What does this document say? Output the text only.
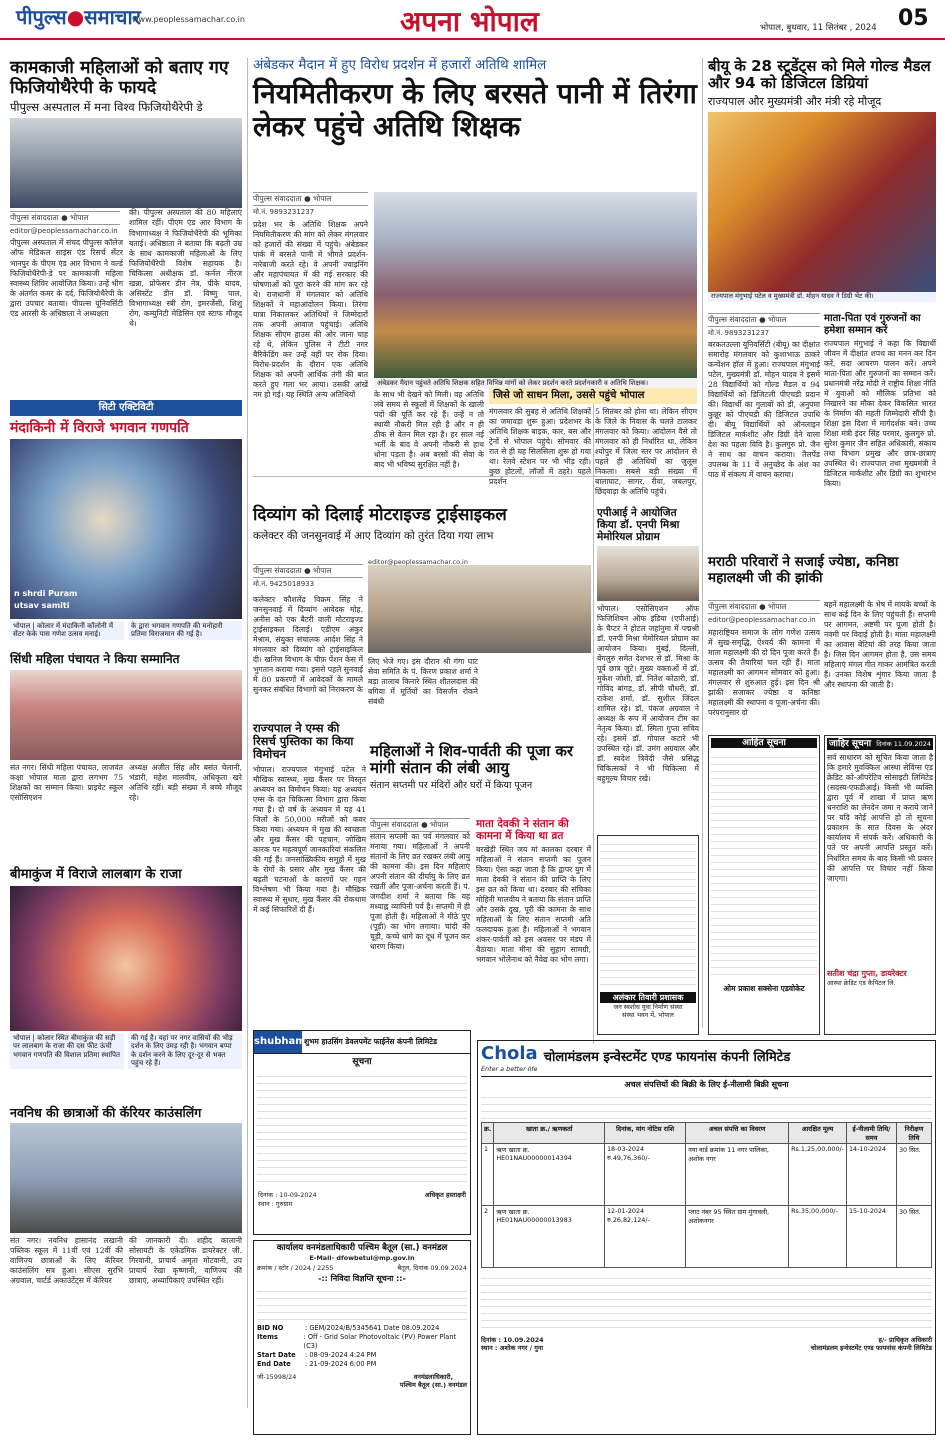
पीपुल्स●समाचार
www.peoplessamachar.co.in	अपना भोपाल	भोपाल, बुधवार, 11 सितंबर , 2024 05
कामकाजी महिलाओं को बताए गए फिजियोथैरेपी के फायदे
पीपुल्स अस्पताल में मना विश्व फिजियोथैरेपी डे
पीपुल्स संवाददाता ● भोपाल
editor@peoplessamachar.co.in
पीपुल्स अस्पताल में संचद पीपुल्स कॉलेज ऑफ मेडिकल साइंस एंड रिसर्च सेंटर भानपुर के पीएम एंड आर विभाग ने वर्ल्ड फिजियोथैरेपी-डे पर कामकाजी महिला स्वास्थ्य शिविर आयोजित किया। उन्हें भीग के अंतर्गत कमर के दर्द, फिजियोथैरेपी के द्वारा उपचार बताया। पीपल्स यूनिवर्सिटी एंड आरसी के अधिष्ठाता ने अध्यक्षता
की। पीपुल्स अस्पताल की 80 महिलाएं शामिल रहीं। पीएम एंड आर विभाग के विभागाध्यक्ष ने फिजियोथैरेपी की भूमिका बताई। अधिष्ठाता ने बताया कि बढ़ती उम्र के साथ कामकाजी महिलाओं के लिए फिजियोथैरेपी विशेष सहायक है। चिकित्सा अधीक्षक डॉ. कर्नल नीरज खन्ना, प्रोफेसर डीन नेत्र, पीके यादव, असिस्टेंट डीन डॉ. विष्णु पाल, विभागाध्यक्ष स्त्री रोग, इमरजेंसी, शिशु रोग, कम्युनिटी मेडिसिन एवं स्टाफ मौजूद थे।
सिटी एक्टिविटी
मंदाकिनी में विराजे भगवान गणपति
n shrdi Puram
utsav samiti
भोपाल | कोलार में मंदाकिनी कॉलोनी में सेंटर केके पास गणेश उत्सव मनाई।
के द्वारा भगवान गणपति की मनोहारी प्रतिमा विराजमान की गई है।
सिंधी महिला पंचायत ने किया सम्मानित
संत नगर। सिंधी महिला पंचायत, लाजवंत कक्षा भोपाल माता द्वारा लगभग 75 शिक्षकों का सम्मान किया। प्राइवेट स्कूल एसोसिएशन
अध्यक्ष अजीत सिंह और बसंत चेलानी, भंडारी, महेश मालवीय, अधिकृता खरे अतिथि रहीं। बड़ी संख्या में बच्चे मौजूद रहे।
बीमाकुंज में विराजे लालबाग के राजा
भोपाल | कोलार स्थित बीमाकुंज की सड़ी पर लालबाग के राजा की दस फीट ऊंची भगवान गणपति की विशाल प्रतिमा स्थापित
की गई है। यहां पर नगर वासियों की भीड़ दर्शन के लिए उमड़ रही है। भगवान बप्पा के दर्शन करने के लिए दूर-दूर से भक्त पहुंच रहे हैं।
नवनिध की छात्राओं की कॅरियर काउंसलिंग
संत नगर। नवनिध हासानंद लखानी पब्लिक स्कूल में 11वीं एवं 12वीं की वाणिज्य छात्राओं के लिए कॅरियर काउंसलिंग सत्र हुआ। सीएस सुरभि अग्रवाल, चार्टर्ड अकाउंटेंट्स में कॅरियर
की जानकारी दी। शहीद कालानी सोसायटी के एकेडमिक डायरेक्टर जी. गिरवानी, प्राचार्य अमृता मोटवानी, उप प्राचार्य रेखा कृष्णानी, वाणिज्य की छात्राएं, अध्यापिकाएं उपस्थित रहीं।
अंबेडकर मैदान में हुए विरोध प्रदर्शन में हजारों अतिथि शामिल
नियमितीकरण के लिए बरसते पानी में तिरंगा लेकर पहुंचे अतिथि शिक्षक
पीपुल्स संवाददाता ● भोपाल
मो.नं. 9893231237
प्रदेश भर के अतिथि शिक्षक अपने नियमितीकरण की मांग को लेकर मंगलवार को हजारों की संख्या में पहुंचे। अंबेडकर पार्क में बरसते पानी में भीगते प्रदर्शन-नारेबाजी करते रहे। वे अपनी ज्वाइनिंग और महापंचायत में की गई सरकार की घोषणाओं को पूरा करने की मांग कर रहे थे। राजधानी में मंगलवार को अतिथि शिक्षकों ने महाआंदोलन किया। तिरंगा यात्रा निकालकर अतिथियों ने जिम्मेदारों तक अपनी आवाज पहुंचाई। अतिथि शिक्षक सीएम हाउस की ओर जाना चाह रहे थे, लेकिन पुलिस ने टीटी नगर बैरिकेडिंग कर उन्हें वहीं पर रोक दिया। विरोध-प्रदर्शन के दौरान एक अतिथि शिक्षक को अपनी आर्थिक तंगी की बात करते हुए गला भर आया। उसकी आंखें नम हो गई। यह स्थिति अन्य अतिथियों
अंबेडकर मैदान पहुंचते अतिथि शिक्षक सहित विभिन्न मांगों को लेकर प्रदर्शन करते प्रदर्शनकारी व अतिथि शिक्षक।
के साथ भी देखने को मिली। वह अतिथि लंबे समय से स्कूलों में शिक्षकों के खाली पदों की पूर्ति कर रहे हैं। उन्हें न तो स्थायी नौकरी मिल रही है और न ही ठीक से वेतन मिल रहा है। हर साल नई भर्ती के बाद वे अपनी नौकरी से हाथ धोना पड़ता है। अब बरसों की सेवा के बाद भी भविष्य सुरक्षित नहीं है।
जिसे जो साधन मिला, उससे पहुंचे भोपाल
मंगलवार की सुबह से अतिथि शिक्षकों का जमावड़ा शुरू हुआ। प्रदेशभर के अतिथि शिक्षक बाइक, कार, बस और ट्रेनों से भोपाल पहुंचे। सोमवार की रात से ही यह सिलसिला शुरू हो गया था। रेलवे स्टेशन पर भी भीड़ रही। कुछ होटलों, लॉजों में ठहरे। पहले प्रदर्शन
5 सितंबर को होना था। लेकिन सीएम के जिले के निवास के चलते टालकर मंगलवार को किया। आंदोलन वैसे तो मंगलवार को ही निर्धारित था, लेकिन श्योपुर में जिला स्तर पर आंदोलन से पहले ही अतिथियों का जुलूस निकला। सबसे बड़ी संख्या में बालाघाट, सागर, रीवा, जबलपुर, छिंदवाड़ा के अतिथि पहुंचे।
दिव्यांग को दिलाई मोटराइज्ड ट्राईसाइकल
कलेक्टर की जनसुनवाई में आए दिव्यांग को तुरंत दिया गया लाभ
पीपुल्स संवाददाता ● भोपाल
मो.नं. 9425018933
editor@peoplessamachar.co.in
कलेक्टर कौशलेंद्र विक्रम सिंह ने जनसुनवाई में दिव्यांग आवेदक मोह. अनीस को एक बैटरी वाली मोटराइज्ड ट्राईसाइकल दिलाई। एडीएम अंकुर मेश्राम, संयुक्त संचालक आर्दश सिंह ने मंगलवार को दिव्यांग को ट्राईसाइकिल दी। खनिज विभाग के चीफ़ पेंशन केस में भुगतान कराया गया। इससे पहले सुनवाई में 80 प्रकरणों में आवेदकों के मामले सुनकर संबंधित विभागों को निराकरण के
लिए भेजे गए। इस दौरान श्री गंगा घाट सेवा समिति के पं. किरण प्रकाश शर्मा ने बड़ा तालाब किनारे स्थित शीतलदास की बगिया में मूर्तियों का विसर्जन रोकने संबंधी
राज्यपाल ने एम्स की रिसर्च पुस्तिका का किया विमोचन
भोपाल। राज्यपाल मंगुभाई पटेल ने मौखिक स्वास्थ्य, मुख कैंसर पर विस्तृत अध्ययन का विमोचन किया। यह अध्ययन एम्स के दंत चिकित्सा विभाग द्वारा किया गया है। दो वर्ष के अध्ययन में यह 41 जिलों के 50,000 मरीजों को कवर किया गया। अध्ययन में मुख की स्वच्छता और मुख कैंसर की पहचान, जोखिम कारक पर महत्वपूर्ण जानकारियां संकलित की गई हैं। जनसांख्यिकीय समूहों में मुख के रोगों के प्रसार और मुख कैंसर की बढ़ती घटनाओं के कारणों पर गहन विश्लेषण भी किया गया है। मौखिक स्वास्थ्य में सुधार, मुख कैंसर की रोकथाम में कई सिफारिशें दी हैं।
महिलाओं ने शिव-पार्वती की पूजा कर मांगी संतान की लंबी आयु
संतान सप्तमी पर मंदिरों और घरों में किया पूजन
पीपुल्स संवाददाता ● भोपाल
संतान सप्तमी का पर्व मंगलवार को मनाया गया। महिलाओं ने अपनी संतानों के लिए व्रत रखकर लंबी आयु की कामना की। इस दिन महिलाएं अपनी संतान की दीर्घायु के लिए व्रत रखतीं और पूजा-अर्चना करती हैं। पं. जगदीश शर्मा ने बताया कि यह मध्याह्न व्यापिनी पर्व है। सप्तमी में ही पूजा होती है। महिलाओं ने मीठे पुए (पूड़ी) का भोग लगाया। चांदी की चूड़ी, कच्चे धागे का दूध में पूजन कर धारण किया।
माता देवकी ने संतान की कामना में किया था व्रत
बरखेड़ी स्थित जय मां कालका दरबार में महिलाओं ने संतान सप्तमी का पूजन किया। ऐसा कहा जाता है कि द्वापर युग में माता देवकी ने संतान की प्राप्ति के लिए इस व्रत को किया था। दरबार की संचिका मोहिनी मालवीय ने बताया कि संतान प्राप्ति और उसके दुख, पूरी की कामना के साथ महिलाओं के लिए संतान सप्तमी अति फलदायक हुआ है। महिलाओं ने भगवान शंकर-पार्वती को इस अवसर पर मंडप में बैठाया। माता मीना की सुहाग सामग्री, भगवान भोलेनाथ को नैवेद्य का भोग लगा।
एपीआई ने आयोजित किया डॉ. एनपी मिश्रा मेमोरियल प्रोग्राम
भोपाल। एसोसिएशन ऑफ फिजिशियन ऑफ इंडिया (एपीआई) के चैप्टर ने होटल जहांनुमा में पद्मश्री डॉ. एनपी मिश्रा मेमोरियल प्रोग्राम का आयोजन किया। मुंबई, दिल्ली, बेंगलुरु समेत देशभर से डॉ. मिश्रा के पूर्व छात्र जुटे। मुख्य वक्ताओं में डॉ. मुकेश जोशी, डॉ. नितेश कोठारी, डॉ. गोविंद बांगड़, डॉ. सीपी चौधरी, डॉ. राकेश शर्मा, डॉ. सुशील जिंदल शामिल रहे। डॉ. पंकज अग्रवाल ने अध्यक्ष के रूप में आयोजन टीम का नेतृत्व किया। डॉ. स्मिता गुप्ता सचिव रहे। इसमें डॉ. गोपाल कटारे भी उपस्थित रहे। डॉ. उमंग अग्रवाल और डॉ. स्वदेश त्रिवेदी जैसे प्रसिद्ध चिकित्सकों ने भी चिकित्सा में बहुमूल्य विचार रखे।
अलंकार तिवारी प्रशासक
जन स्वशोध युवा निर्माण संस्था
संस्था भवन में, भोपाल
बीयू के 28 स्टूडेंट्स को मिले गोल्ड मैडल और 94 को डिजिटल डिग्रियां
राज्यपाल और मुख्यमंत्री और मंत्री रहे मौजूद
राज्यपाल मंगुभाई पटेल व मुख्यमंत्री डॉ. मोहन यादव ने डिग्री भेंट की।
पीपुल्स संवाददाता ● भोपाल
मो.नं. 9893231237
बरकतउल्ला यूनिवर्सिटी (बीयू) का दीक्षांत समारोह मंगलवार को कुशाभाऊ ठाकरे कन्वेंशन हॉल में हुआ। राज्यपाल मंगुभाई पटेल, मुख्यमंत्री डॉ. मोहन यादव ने इसमें 28 विद्यार्थियों को गोल्ड मैडल व 94 विद्यार्थियों को डिजिटली पीएचडी प्रदान की। विद्यार्थी का गुलाबों को डी, अनुपमा कुन्नूर को पीएचडी की डिजिटल उपाधि दी। बीयू विद्यार्थियों को ऑनलाइन डिजिटल मार्कशीट और डिग्री देने वाला देश का पहला विवि है। कुलगुरु प्रो. जैन ने साथ का वाचन कराया। तैलपेंड उपलब्ध के 11 वें अनुच्छेद के अंश का पाठ में संकल्प में वाचन कराया।
माता-पिता एवं गुरुजनों का हमेशा सम्मान करें
राज्यपाल मंगुभाई ने कहा कि विद्यार्थी जीवन में दीक्षांत शपथ का मनन कर दिन करें, सदा आचरण पालन करें। अपने माता-पिता और गुरुजनों का सम्मान करें। प्रधानमंत्री नरेंद्र मोदी ने राष्ट्रीय शिक्षा नीति में युवाओं को मौलिक प्रतिभा को निखारने का मौका देकर विकसित भारत के निर्माण की महती जिम्मेदारी सौंपी है। शिक्षा इस दिशा में मार्गदर्शक बने। उच्च शिक्षा मंत्री इंदर सिंह परमार, कुलगुरु प्रो. सुरेश कुमार जैन सहित अधिकारी, संकाय तथा विभाग प्रमुख और छात्र-छात्राएं उपस्थित थे। राज्यपाल तथा मुख्यमंत्री ने डिजिटल मार्कशीट और डिग्री का शुभारंभ किया।
मराठी परिवारों ने सजाई ज्येष्ठा, कनिष्ठा महालक्ष्मी जी की झांकी
पीपुल्स संवाददाता ● भोपाल
editor@peoplessamachar.co.in
महाराष्ट्रियन समाज के लोग गणेश उत्सव में सुख-समृद्धि, ऐश्वर्य की कामना में माता महालक्ष्मी की दो दिन पूजा करते हैं। उत्सव की तैयारियां चल रही हैं। माता महालक्ष्मी का आगमन सोमवार को हुआ। मंगलवार से शुरुआत हुई। इस दिन श्री झांकी सजाकर ज्येष्ठा व कनिष्ठा महालक्ष्मी की स्थापना व पूजा-अर्चना की। परंपरानुसार दो
बहनें महालक्ष्मी के भेष में मायके बच्चों के साथ कई दिन के लिए पहुंचती हैं। सप्तमी पर आगमन, अष्टमी पर पूजा होती है। नवमी पर विदाई होती है। माता महालक्ष्मी का आवास बेटियां की तरह किया जाता है। जिस दिन आगमन होता है, उस समय महिलाएं मंगल गीत गाकर आमंत्रित करती हैं। उनका विशेष शृंगार किया जाता है और स्थापना की जाती है।
आहित सूचना
ओम प्रकाश सक्सेना एडवोकेट
जाहिर सूचना दिनांक 11.09.2024
सर्व साधारण को सूचित किया जाता है कि हमारे मुवक्किल आस्था सेविंग्स एंड क्रेडिट को-ऑपरेटिव सोसाइटी लिमिटेड (सदस्य-एफडीआई) किसी भी व्यक्ति द्वारा पूर्व में शाखा में प्राप्त ऋण धनराशि का लेनदेन जमा न कराये जाने पर यदि कोई आपत्ति हो तो सूचना प्रकाशन के सात दिवस के अंदर कार्यालय में संपर्क करें। अधिकारी के पते पर अपनी आपत्ति प्रस्तुत करें। निर्धारित समय के बाद किसी भी प्रकार की आपत्ति पर विचार नहीं किया जाएगा।
सतीश चंद्रा गुप्ता, डायरेक्टर
आस्था क्रेडिट एंड कैपिटल लि.
shubham
शुभम हाउसिंग डेवलपमेंट फाईनेंस कंपनी लिमिटेड
सूचना
दिनांक : 10-09-2024
स्थान : गुरुग्राम
अधिकृत हस्ताक्षरी
कार्यालय वनमंडलाधिकारी पश्चिम बैतूल (सा.) वनमंडल
E-Mail- dfowbetul@mp.gov.in
क्रमांक / स्टोर / 2024 / 2255	बैतूल, दिनांक 09.09.2024
-:: निविदा विज्ञप्ति सूचना ::-
BID NO	: GEM/2024/B/5345641 Date 08.09.2024
Items	: Off - Grid Solar Photovoltaic (PV) Power Plant (C3)
Start Date	: 08-09-2024 4:24 PM
End Date	: 21-09-2024 6:00 PM
जी-15998/24	वनमंडलाधिकारी,
पश्चिम बैतूल (सा.) वनमंडल
Chola
Enter a better life
चोलामंडलम इन्वेस्टमेंट एण्ड फायनांस कंपनी लिमिटेड
अचल संपत्तियों की बिक्री के लिए ई-नीलामी बिक्री सूचना
क्र.	खाता क्र./ ऋणकर्ता	दिनांक, मांग नोटिस राशि	अचल संपत्ति का विवरण	आरक्षित मूल्य	ई-नीलामी तिथि/समय	निरीक्षण तिथि
1	ऋण खाता क्र. HE01NAU00000014394	18-03-2024 रु.49,76,360/-	नया वार्ड क्रमांक 11 नगर पालिका, अशोक नगर	Rs.1,25,00,000/-	14-10-2024	30 सितं.
2	ऋण खाता क्र. HE01NAU00000013983	12-01-2024 रु.26,82,124/-	प्लाट नंबर 95 स्थित ग्राम मुंगावली, अशोकनगर	Rs.35,00,000/-	15-10-2024	30 सितं.
दिनांक : 10.09.2024
स्थान : अशोक नगर / गुना
ह/- प्राधिकृत अधिकारी
चोलामंडलम इन्वेस्टमेंट एण्ड फायनांस कंपनी लिमिटेड
